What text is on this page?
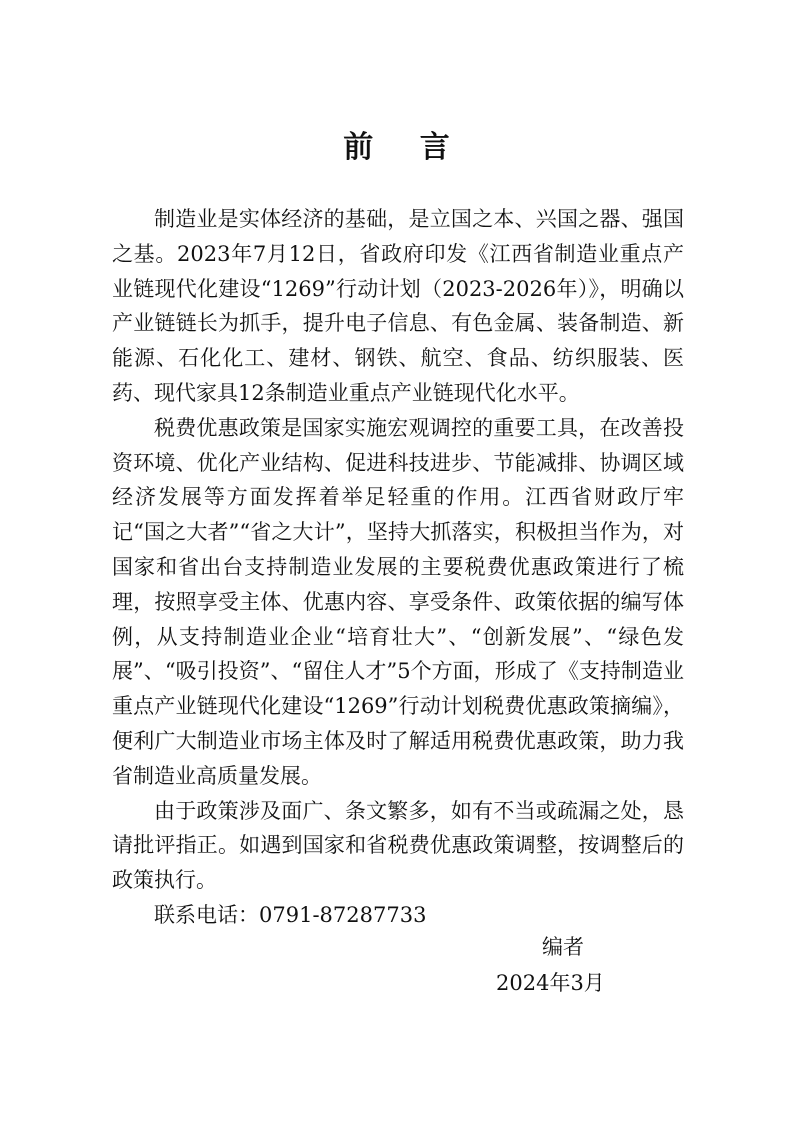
前 言

制造业是实体经济的基础，是立国之本、兴国之器、强国之基。2023年7月12日，省政府印发《江西省制造业重点产业链现代化建设“1269”行动计划（2023-2026年）》，明确以产业链链长为抓手，提升电子信息、有色金属、装备制造、新能源、石化化工、建材、钢铁、航空、食品、纺织服装、医药、现代家具12条制造业重点产业链现代化水平。

税费优惠政策是国家实施宏观调控的重要工具，在改善投资环境、优化产业结构、促进科技进步、节能减排、协调区域经济发展等方面发挥着举足轻重的作用。江西省财政厅牢记“国之大者”“省之大计”，坚持大抓落实，积极担当作为，对国家和省出台支持制造业发展的主要税费优惠政策进行了梳理，按照享受主体、优惠内容、享受条件、政策依据的编写体例，从支持制造业企业“培育壮大”、“创新发展”、“绿色发展”、“吸引投资”、“留住人才”5个方面，形成了《支持制造业重点产业链现代化建设“1269”行动计划税费优惠政策摘编》，便利广大制造业市场主体及时了解适用税费优惠政策，助力我省制造业高质量发展。

由于政策涉及面广、条文繁多，如有不当或疏漏之处，恳请批评指正。如遇到国家和省税费优惠政策调整，按调整后的政策执行。

联系电话：0791-87287733
编者
2024年3月
